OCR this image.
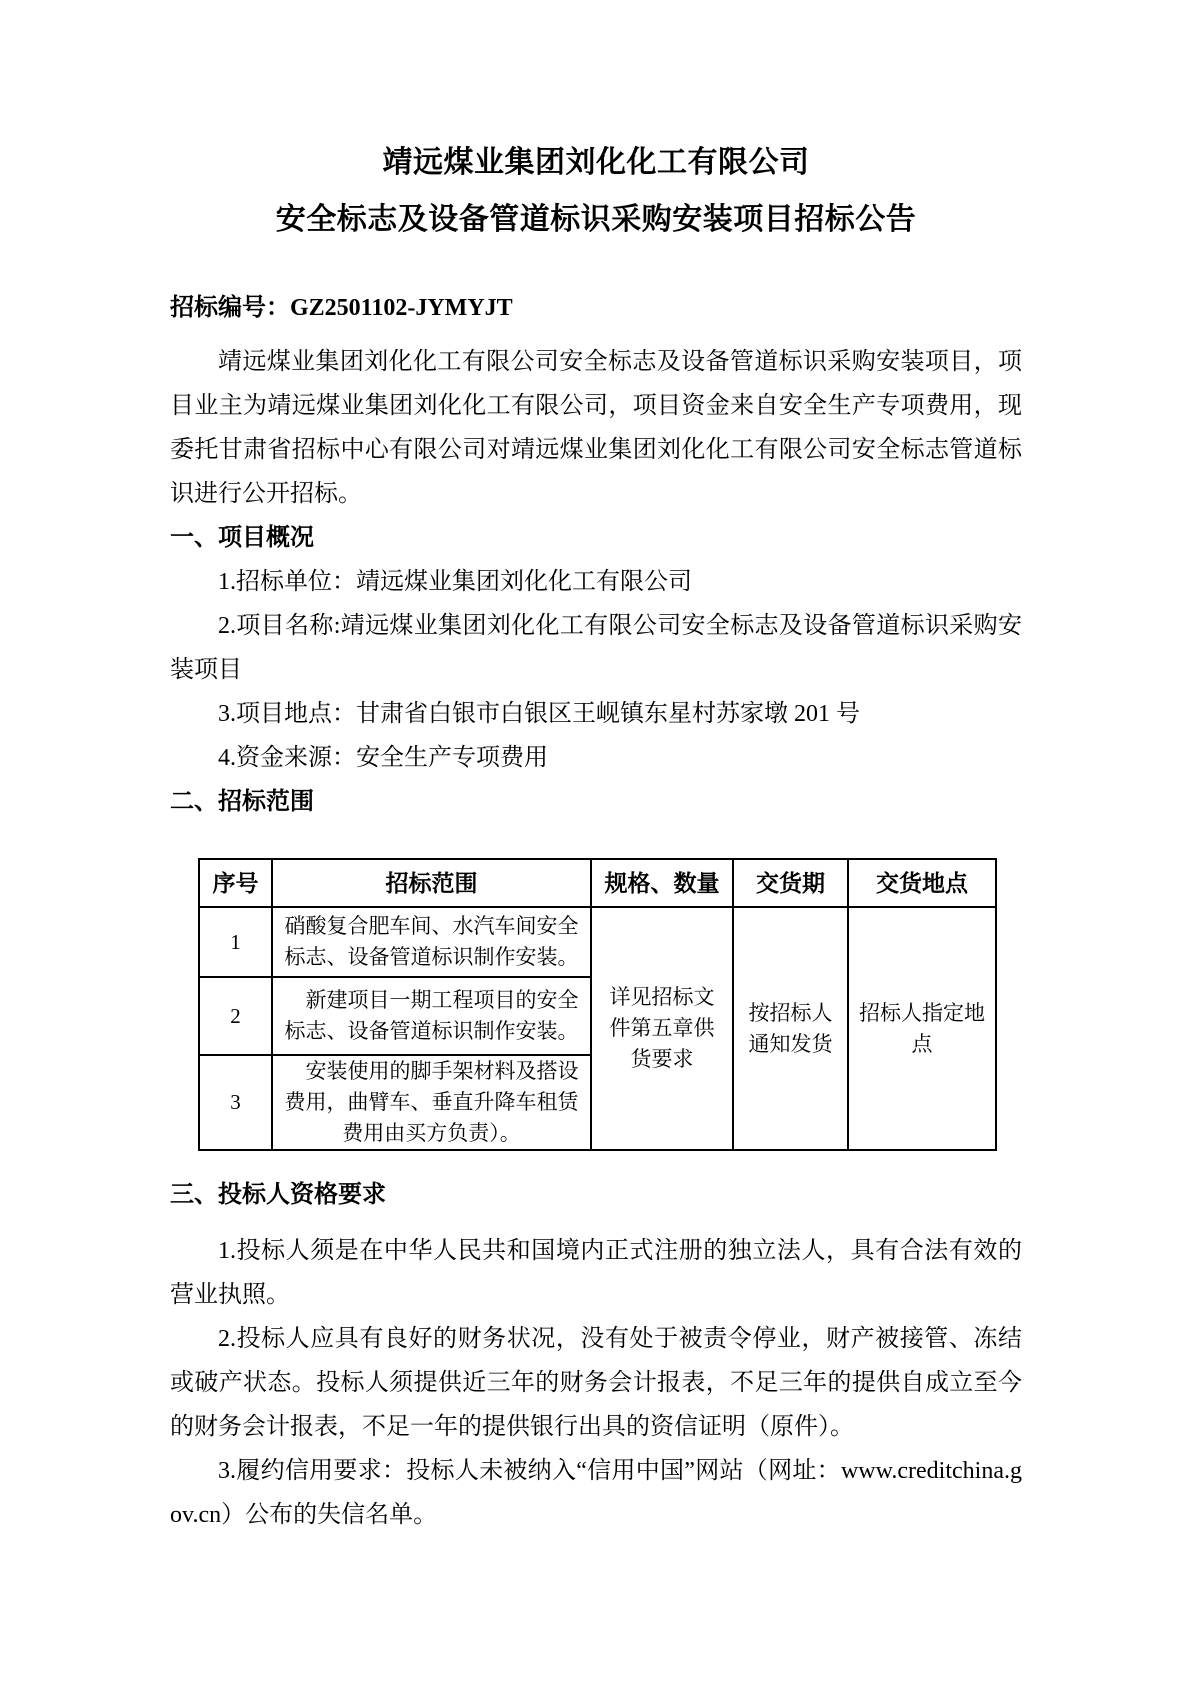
靖远煤业集团刘化化工有限公司
安全标志及设备管道标识采购安装项目招标公告

招标编号：GZ2501102-JYMYJT

靖远煤业集团刘化化工有限公司安全标志及设备管道标识采购安装项目，项目业主为靖远煤业集团刘化化工有限公司，项目资金来自安全生产专项费用，现委托甘肃省招标中心有限公司对靖远煤业集团刘化化工有限公司安全标志管道标识进行公开招标。

一、项目概况

1.招标单位：靖远煤业集团刘化化工有限公司

2.项目名称:靖远煤业集团刘化化工有限公司安全标志及设备管道标识采购安装项目

3.项目地点：甘肃省白银市白银区王岘镇东星村苏家墩 201 号

4.资金来源：安全生产专项费用

二、招标范围
序号	招标范围	规格、数量	交货期	交货地点
1	硝酸复合肥车间、水汽车间安全标志、设备管道标识制作安装。	详见招标文件第五章供货要求	按招标人通知发货	招标人指定地点
2	新建项目一期工程项目的安全标志、设备管道标识制作安装。			
3	安装使用的脚手架材料及搭设费用，曲臂车、垂直升降车租赁费用由买方负责）。			
三、投标人资格要求

1.投标人须是在中华人民共和国境内正式注册的独立法人，具有合法有效的营业执照。

2.投标人应具有良好的财务状况，没有处于被责令停业，财产被接管、冻结或破产状态。投标人须提供近三年的财务会计报表，不足三年的提供自成立至今的财务会计报表，不足一年的提供银行出具的资信证明（原件）。

3.履约信用要求：投标人未被纳入“信用中国”网站（网址：www.creditchina.gov.cn）公布的失信名单。
